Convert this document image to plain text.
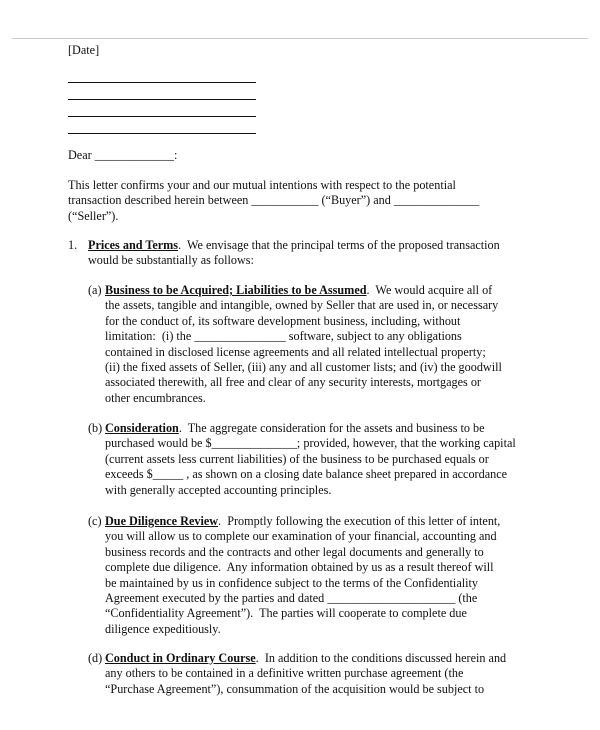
[Date]
Dear _____________:
This letter confirms your and our mutual intentions with respect to the potential
transaction described herein between ___________ (“Buyer”) and ______________
(“Seller”).
1. Prices and Terms.  We envisage that the principal terms of the proposed transaction
would be substantially as follows:
(a) Business to be Acquired; Liabilities to be Assumed.  We would acquire all of
the assets, tangible and intangible, owned by Seller that are used in, or necessary
for the conduct of, its software development business, including, without
limitation:  (i) the _______________ software, subject to any obligations
contained in disclosed license agreements and all related intellectual property;
(ii) the fixed assets of Seller, (iii) any and all customer lists; and (iv) the goodwill
associated therewith, all free and clear of any security interests, mortgages or
other encumbrances.
(b) Consideration.  The aggregate consideration for the assets and business to be
purchased would be $______________; provided, however, that the working capital
(current assets less current liabilities) of the business to be purchased equals or
exceeds $_____ , as shown on a closing date balance sheet prepared in accordance
with generally accepted accounting principles.
(c) Due Diligence Review.  Promptly following the execution of this letter of intent,
you will allow us to complete our examination of your financial, accounting and
business records and the contracts and other legal documents and generally to
complete due diligence.  Any information obtained by us as a result thereof will
be maintained by us in confidence subject to the terms of the Confidentiality
Agreement executed by the parties and dated _____________________ (the
“Confidentiality Agreement”).  The parties will cooperate to complete due
diligence expeditiously.
(d) Conduct in Ordinary Course.  In addition to the conditions discussed herein and
any others to be contained in a definitive written purchase agreement (the
“Purchase Agreement”), consummation of the acquisition would be subject to
